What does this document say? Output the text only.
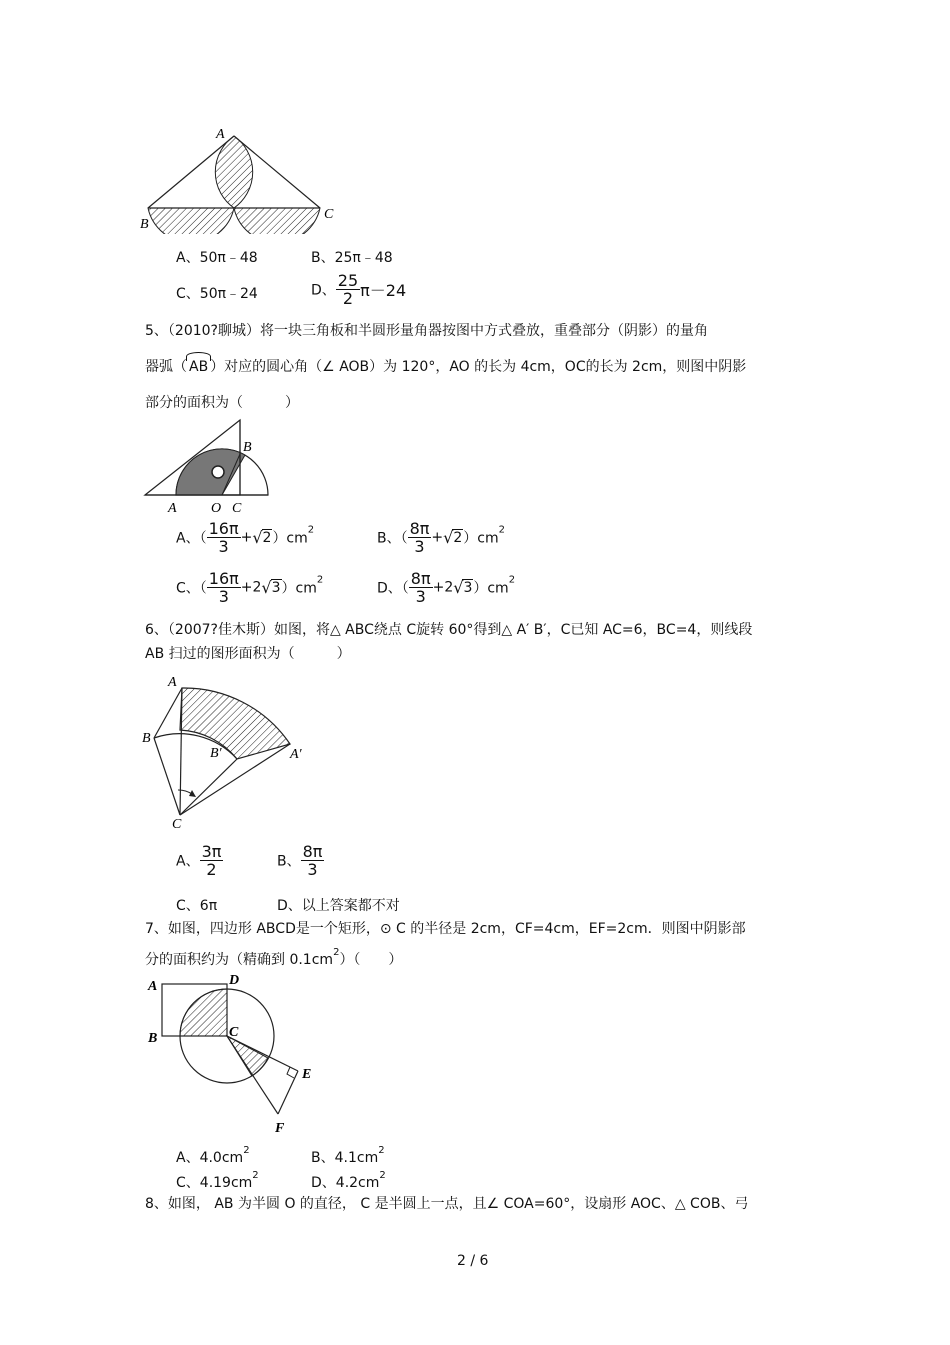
A
B
C
A、50π﹣48	B、25π﹣48
C、50π﹣24	D、 $\frac{25}{2} \pi-24$
5、（2010?聊城）将一块三角板和半圆形量角器按图中方式叠放，重叠部分（阴影）的量角
器弧（ AB ）对应的圆心角（∠ AOB）为 120°，AO 的长为 4cm，OC的长为 2cm，则图中阴影
部分的面积为（　　　）
A O C
B
A、（ $\frac{16\pi}{3} +√2)cm^2$
B、（ $\frac{8\pi}{3} +√2)cm^2$
C、（ $\frac{16\pi}{3} +2√3)cm^2$
D、（ $\frac{8\pi}{3} +2√3)cm^2$
6、（2007?佳木斯）如图，将△ ABC绕点 C旋转 60°得到△ A′ B′，C已知 AC=6，BC=4，则线段
AB 扫过的图形面积为（　　　）
A
B
B′	A′
C
A、 $\frac{3\pi}{2}$	B、 $\frac{8\pi}{3}$
C、6π	D、以上答案都不对
7、如图，四边形 ABCD是一个矩形，⊙ C 的半径是 2cm，CF=4cm，EF=2cm．则图中阴影部
分的面积约为（精确到 $0.1cm^2$）（　　）
A	D
B	C
E
F
A、$4.0cm^2$	B、$4.1cm^2$
C、$4.19cm^2$	D、$4.2cm^2$
8、如图， AB 为半圆 O 的直径， C 是半圆上一点，且∠ COA=60°，设扇形 AOC、△ COB、弓
2 / 6
